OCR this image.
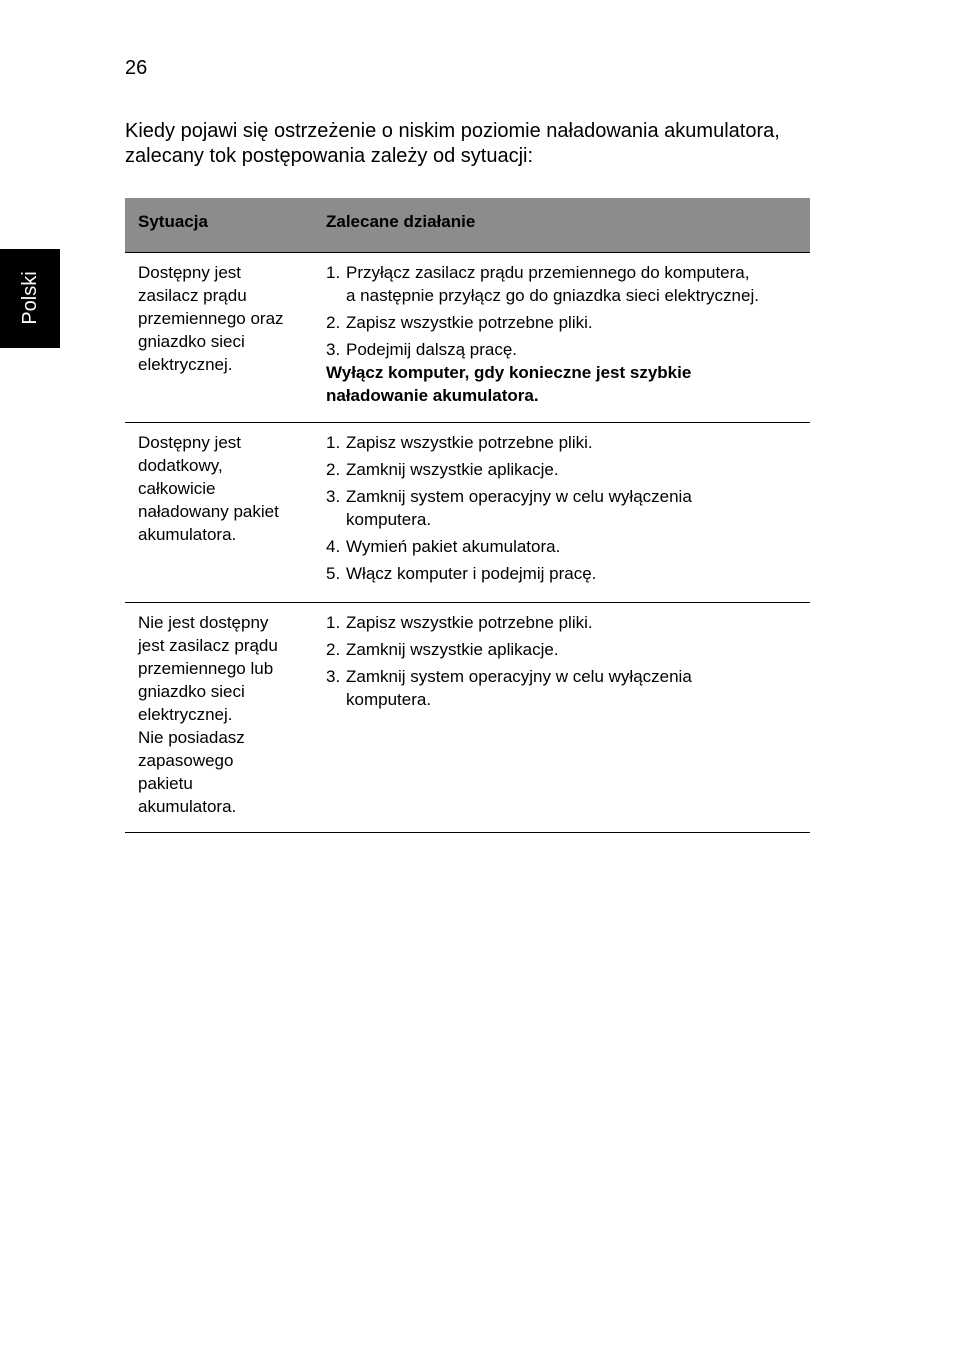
26
Polski

Kiedy pojawi się ostrzeżenie o niskim poziomie naładowania akumulatora,

zalecany tok postępowania zależy od sytuacji:

Sytuacja	Zalecane działanie
Dostępny jest
zasilacz prądu
przemiennego oraz
gniazdko sieci
elektrycznej.
1. Przyłącz zasilacz prądu przemiennego do komputera,
a następnie przyłącz go do gniazdka sieci elektrycznej.
2. Zapisz wszystkie potrzebne pliki.
3. Podejmij dalszą pracę.
Wyłącz komputer, gdy konieczne jest szybkie
naładowanie akumulatora.
Dostępny jest
dodatkowy,
całkowicie
naładowany pakiet
akumulatora.
1. Zapisz wszystkie potrzebne pliki.
2. Zamknij wszystkie aplikacje.
3. Zamknij system operacyjny w celu wyłączenia
komputera.
4. Wymień pakiet akumulatora.
5. Włącz komputer i podejmij pracę.
Nie jest dostępny
jest zasilacz prądu
przemiennego lub
gniazdko sieci
elektrycznej.
Nie posiadasz
zapasowego
pakietu
akumulatora.
1. Zapisz wszystkie potrzebne pliki.
2. Zamknij wszystkie aplikacje.
3. Zamknij system operacyjny w celu wyłączenia
komputera.
